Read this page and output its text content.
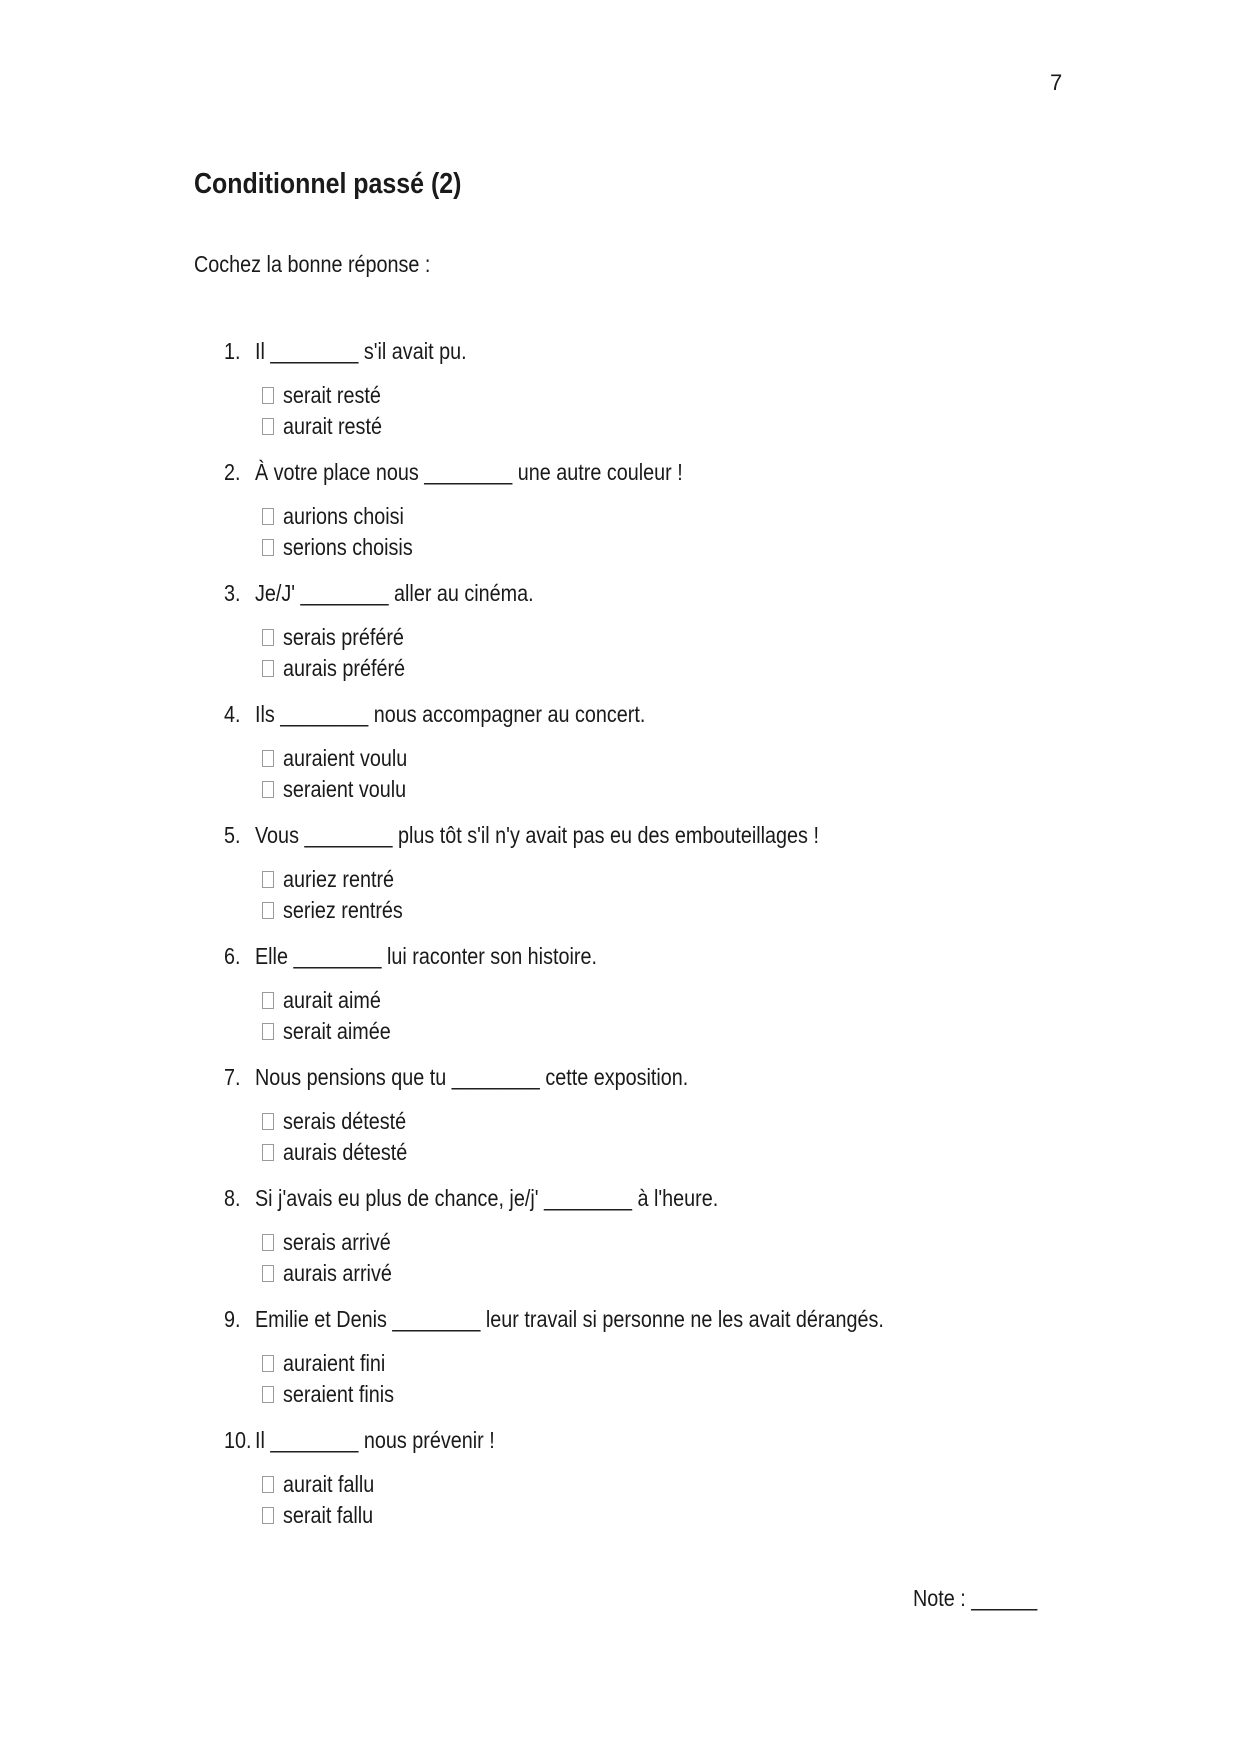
7
Conditionnel passé (2)
Cochez la bonne réponse :
1. Il ________ s'il avait pu.
serait resté
aurait resté
2. À votre place nous ________ une autre couleur !
aurions choisi
serions choisis
3. Je/J' ________ aller au cinéma.
serais préféré
aurais préféré
4. Ils ________ nous accompagner au concert.
auraient voulu
seraient voulu
5. Vous ________ plus tôt s'il n'y avait pas eu des embouteillages !
auriez rentré
seriez rentrés
6. Elle ________ lui raconter son histoire.
aurait aimé
serait aimée
7. Nous pensions que tu ________ cette exposition.
serais détesté
aurais détesté
8. Si j'avais eu plus de chance, je/j' ________ à l'heure.
serais arrivé
aurais arrivé
9. Emilie et Denis ________ leur travail si personne ne les avait dérangés.
auraient fini
seraient finis
10. Il ________ nous prévenir !
aurait fallu
serait fallu
Note : ______
